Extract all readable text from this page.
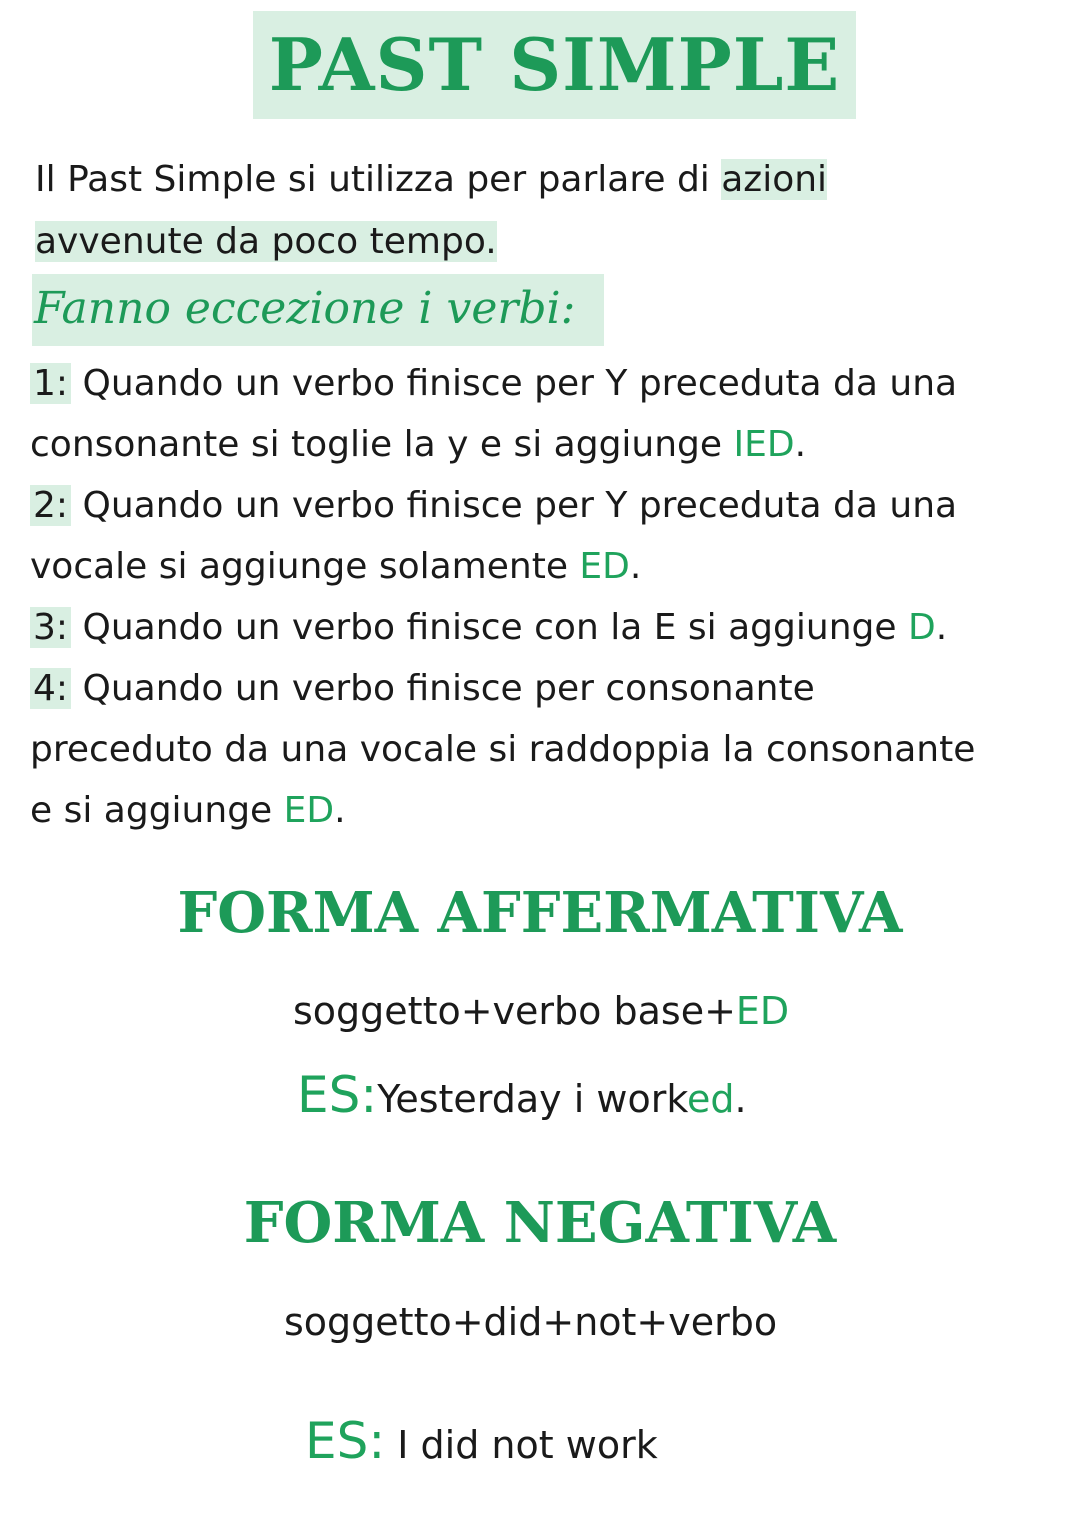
PAST SIMPLE
Il Past Simple si utilizza per parlare di azioni
avvenute da poco tempo.
Fanno eccezione i verbi:
1: Quando un verbo finisce per Y preceduta da una
consonante si toglie la y e si aggiunge IED.
2: Quando un verbo finisce per Y preceduta da una
vocale si aggiunge solamente ED.
3: Quando un verbo finisce con la E si aggiunge D.
4: Quando un verbo finisce per consonante
preceduto da una vocale si raddoppia la consonante
e si aggiunge ED.
FORMA AFFERMATIVA
soggetto+verbo base+ED
ES:Yesterday i worked.
FORMA NEGATIVA
soggetto+did+not+verbo
ES: I did not work
